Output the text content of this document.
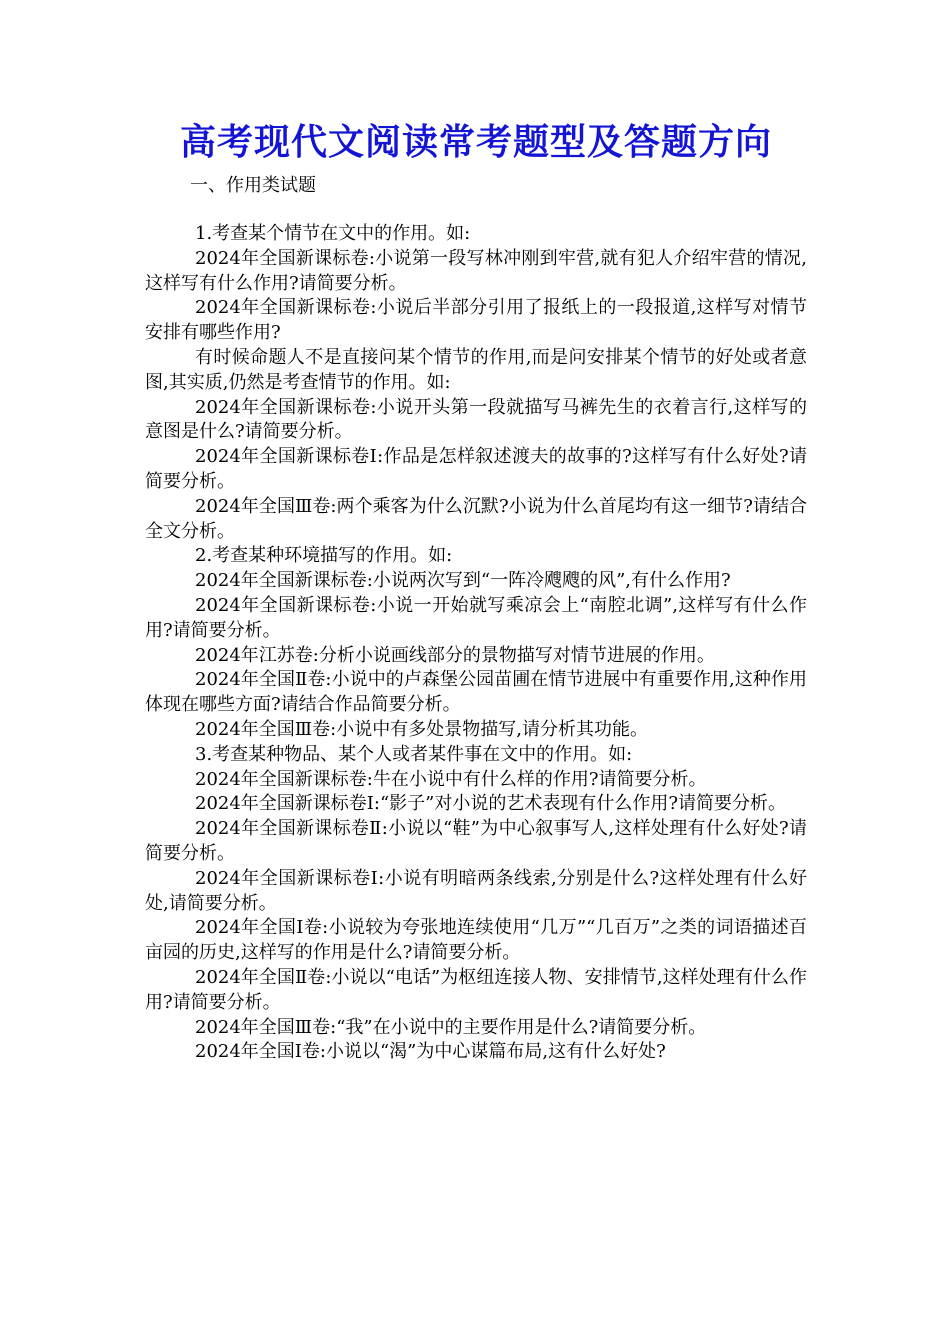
高考现代文阅读常考题型及答题方向
一、作用类试题

1.考查某个情节在文中的作用。如:

2024年全国新课标卷:小说第一段写林冲刚到牢营,就有犯人介绍牢营的情况,这样写有什么作用?请简要分析。

2024年全国新课标卷:小说后半部分引用了报纸上的一段报道,这样写对情节安排有哪些作用?

有时候命题人不是直接问某个情节的作用,而是问安排某个情节的好处或者意图,其实质,仍然是考查情节的作用。如:

2024年全国新课标卷:小说开头第一段就描写马裤先生的衣着言行,这样写的意图是什么?请简要分析。

2024年全国新课标卷Ⅰ:作品是怎样叙述渡夫的故事的?这样写有什么好处?请简要分析。

2024年全国Ⅲ卷:两个乘客为什么沉默?小说为什么首尾均有这一细节?请结合全文分析。

2.考查某种环境描写的作用。如:

2024年全国新课标卷:小说两次写到“一阵冷飕飕的风”,有什么作用?

2024年全国新课标卷:小说一开始就写乘凉会上“南腔北调”,这样写有什么作用?请简要分析。

2024年江苏卷:分析小说画线部分的景物描写对情节进展的作用。

2024年全国Ⅱ卷:小说中的卢森堡公园苗圃在情节进展中有重要作用,这种作用体现在哪些方面?请结合作品简要分析。

2024年全国Ⅲ卷:小说中有多处景物描写,请分析其功能。

3.考查某种物品、某个人或者某件事在文中的作用。如:

2024年全国新课标卷:牛在小说中有什么样的作用?请简要分析。

2024年全国新课标卷Ⅰ:“影子”对小说的艺术表现有什么作用?请简要分析。

2024年全国新课标卷Ⅱ:小说以“鞋”为中心叙事写人,这样处理有什么好处?请简要分析。

2024年全国新课标卷Ⅰ:小说有明暗两条线索,分别是什么?这样处理有什么好处,请简要分析。

2024年全国Ⅰ卷:小说较为夸张地连续使用“几万”“几百万”之类的词语描述百亩园的历史,这样写的作用是什么?请简要分析。

2024年全国Ⅱ卷:小说以“电话”为枢纽连接人物、安排情节,这样处理有什么作用?请简要分析。

2024年全国Ⅲ卷:“我”在小说中的主要作用是什么?请简要分析。

2024年全国Ⅰ卷:小说以“渴”为中心谋篇布局,这有什么好处?
